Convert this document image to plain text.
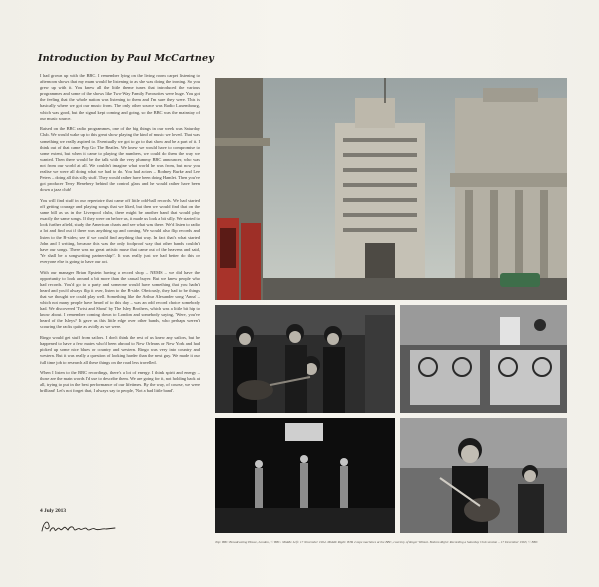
Introduction by Paul McCartney

I had grown up with the BBC. I remember lying on the living room carpet listening to afternoon shows that my mum would be listening to as she was doing the ironing. So you grew up with it. You knew all the little theme tunes that introduced the various programmes and some of the shows like Two-Way Family Favourites were huge. You got the feeling that the whole nation was listening to them and I'm sure they were. This is basically where we got our music from. The only other source was Radio Luxembourg, which was good, but the signal kept coming and going, so the BBC was the mainstay of our music source.

Raised on the BBC radio programmes, one of the big things in our week was Saturday Club. We would wake up to this great show playing the kind of music we loved. That was something we really aspired to. Eventually we got to go to that show and be a part of it. I think out of that came Pop Go The Beatles. We knew we would have to compromise to some extent, but when it came to playing the numbers, we could do them the way we wanted. Then there would be the talk with the very plummy BBC announcer, who was not from our world at all. We couldn't imagine what world he was from, but now you realise we were all doing what we had to do. You had actors – Rodney Burke and Lee Peters – doing all this silly stuff. They would rather have been doing Hamlet. Then you've got producer Terry Henebery behind the control glass and he would rather have been down a jazz club!

You will find stuff in our repertoire that came off little odd-ball records. We had started off getting courage and playing songs that we liked, but then we would find that on the same bill as us in the Liverpool clubs, there might be another band that would play exactly the same songs. If they were on before us, it made us look a bit silly. We started to look further afield, study the American charts and see what was there. We'd listen to radio a lot and find out if there was anything up and coming. We would also flip records and listen to the B-sides; see if we could find anything that way. In fact that's what started John and I writing, because this was the only foolproof way that other bands couldn't have our songs. There was no great artistic muse that came out of the heavens and said, 'Ye shall be a songwriting partnership!'. It was really just we had better do this or everyone else is going to have our act.

With our manager Brian Epstein having a record shop – NEMS – we did have the opportunity to look around a bit more than the casual buyer. But we knew people who had records. You'd go to a party and someone would have something that you hadn't heard and you'd always flip it over, listen to the B-side. Obviously, they had to be things that we thought we could play well. Something like the Arthur Alexander song 'Anna' – which not many people have heard of to this day – was an odd record choice somebody had. We discovered 'Twist and Shout' by The Isley Brothers, which was a little bit hip to know about. I remember coming down to London and somebody saying, 'Were, you've heard of the Isleys? It gave us this little edge over other bands, who perhaps weren't scouring the racks quite as avidly as we were.

Ringo would get stuff from sailors. I don't think the rest of us knew any sailors, but he happened to have a few mates who'd been abroad to New Orleans or New York and had picked up some nice blues or country and western. Ringo was very into country and western. But it was really a question of looking harder than the next guy. We made it our full time job to research all these things on the road less travelled.

When I listen to the BBC recordings, there's a lot of energy. I think spirit and energy – those are the main words I'd use to describe them. We are going for it, not holding back at all, trying to put in the best performance of our lifetimes. By the way, of course, we were brilliant! Let's not forget that, I always say to people, 'Not a bad little band'.

4 July 2013
Top: BBC Broadcasting House, London, © BBC. Middle Left: 17 November 1964. Middle Right: BTR 2 tape machines at the BBC, courtesy of Roger Wilmot. Bottom Right: Recording a Saturday Club session – 17 December 1963, © BBC
